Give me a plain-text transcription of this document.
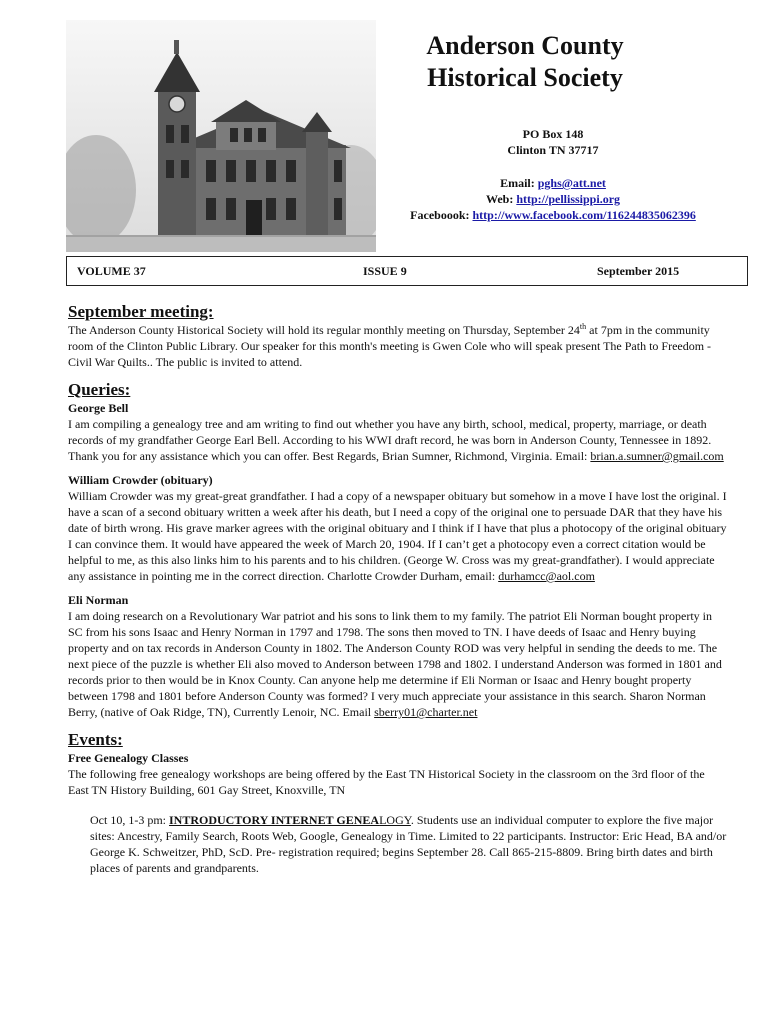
Anderson County
Historical Society
PO Box 148
Clinton TN 37717
Email: pghs@att.net
Web: http://pellissippi.org
Faceboook: http://www.facebook.com/116244835062396
VOLUME 37	ISSUE 9	September 2015
September meeting:

The Anderson County Historical Society will hold its regular monthly meeting on Thursday, September 24th at 7pm in the community room of the Clinton Public Library. Our speaker for this month's meeting is Gwen Cole who will speak present The Path to Freedom - Civil War Quilts.. The public is invited to attend.

Queries:
George Bell

I am compiling a genealogy tree and am writing to find out whether you have any birth, school, medical, property, marriage, or death records of my grandfather George Earl Bell. According to his WWI draft record, he was born in Anderson County, Tennessee in 1892. Thank you for any assistance which you can offer. Best Regards, Brian Sumner, Richmond, Virginia. Email: brian.a.sumner@gmail.com

William Crowder (obituary)

William Crowder was my great-great grandfather. I had a copy of a newspaper obituary but somehow in a move I have lost the original. I have a scan of a second obituary written a week after his death, but I need a copy of the original one to persuade DAR that they have his date of birth wrong. His grave marker agrees with the original obituary and I think if I have that plus a photocopy of the original obituary I can convince them. It would have appeared the week of March 20, 1904. If I can’t get a photocopy even a correct citation would be helpful to me, as this also links him to his parents and to his children. (George W. Cross was my great-grandfather). I would appreciate any assistance in pointing me in the correct direction. Charlotte Crowder Durham, email: durhamcc@aol.com

Eli Norman

I am doing research on a Revolutionary War patriot and his sons to link them to my family. The patriot Eli Norman bought property in SC from his sons Isaac and Henry Norman in 1797 and 1798. The sons then moved to TN. I have deeds of Isaac and Henry buying property and on tax records in Anderson County in 1802. The Anderson County ROD was very helpful in sending the deeds to me. The next piece of the puzzle is whether Eli also moved to Anderson between 1798 and 1802. I understand Anderson was formed in 1801 and records prior to then would be in Knox County. Can anyone help me determine if Eli Norman or Isaac and Henry bought property between 1798 and 1801 before Anderson County was formed? I very much appreciate your assistance in this search. Sharon Norman Berry, (native of Oak Ridge, TN), Currently Lenoir, NC. Email sberry01@charter.net

Events:
Free Genealogy Classes

The following free genealogy workshops are being offered by the East TN Historical Society in the classroom on the 3rd floor of the East TN History Building, 601 Gay Street, Knoxville, TN

Oct 10, 1-3 pm: INTRODUCTORY INTERNET GENEALOGY. Students use an individual computer to explore the five major sites: Ancestry, Family Search, Roots Web, Google, Genealogy in Time. Limited to 22 participants. Instructor: Eric Head, BA and/or George K. Schweitzer, PhD, ScD. Pre- registration required; begins September 28. Call 865-215-8809. Bring birth dates and birth places of parents and grandparents.
